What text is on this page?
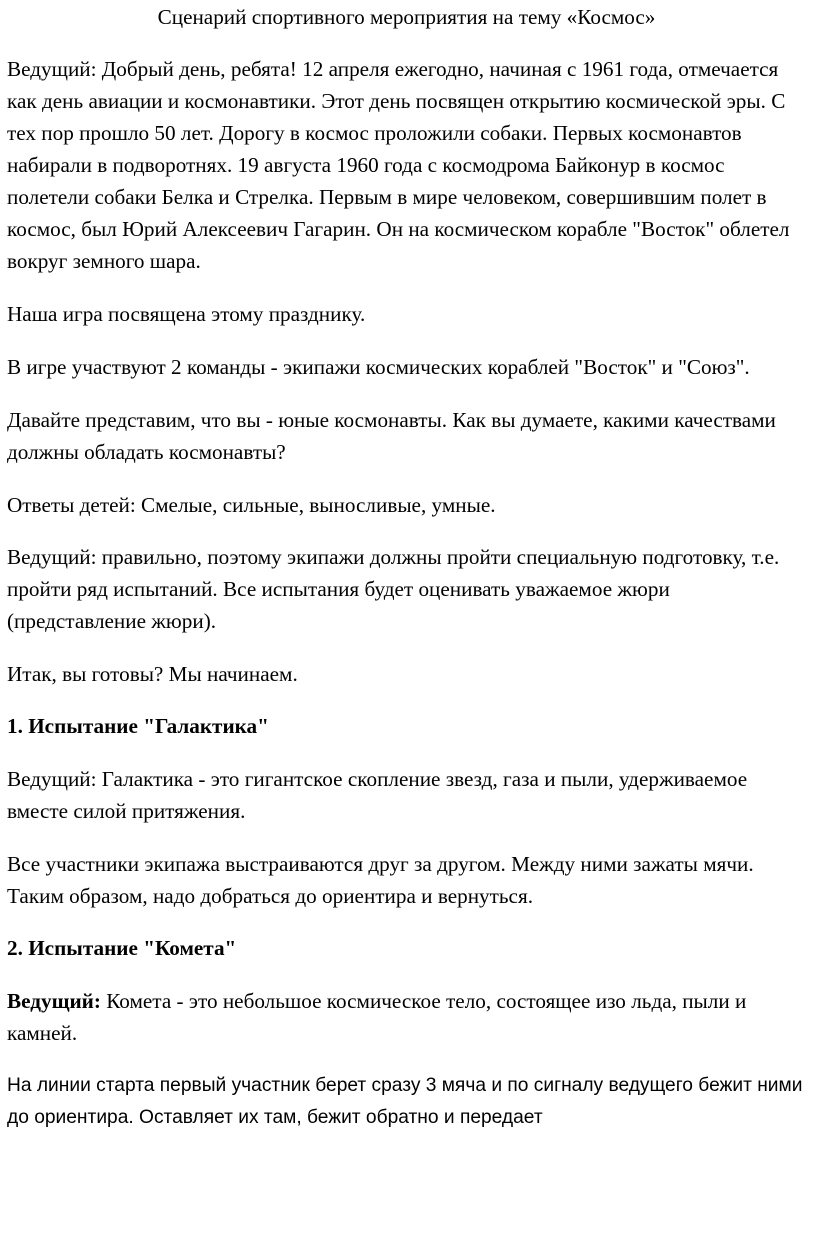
Сценарий спортивного мероприятия на тему «Космос»

Ведущий: Добрый день, ребята! 12 апреля ежегодно, начиная с 1961 года, отмечается как день авиации и космонавтики. Этот день посвящен открытию космической эры. С тех пор прошло 50 лет. Дорогу в космос проложили собаки. Первых космонавтов набирали в подворотнях. 19 августа 1960 года с космодрома Байконур в космос полетели собаки Белка и Стрелка. Первым в мире человеком, совершившим полет в космос, был Юрий Алексеевич Гагарин. Он на космическом корабле "Восток" облетел вокруг земного шара.

Наша игра посвящена этому празднику.

В игре участвуют 2 команды - экипажи космических кораблей "Восток" и "Союз".

Давайте представим, что вы - юные космонавты. Как вы думаете, какими качествами должны обладать космонавты?

Ответы детей: Смелые, сильные, выносливые, умные.

Ведущий: правильно, поэтому экипажи должны пройти специальную подготовку, т.е. пройти ряд испытаний. Все испытания будет оценивать уважаемое жюри (представление жюри).

Итак, вы готовы? Мы начинаем.

1. Испытание "Галактика"

Ведущий: Галактика - это гигантское скопление звезд, газа и пыли, удерживаемое вместе силой притяжения.

Все участники экипажа выстраиваются друг за другом. Между ними зажаты мячи. Таким образом, надо добраться до ориентира и вернуться.

2. Испытание "Комета"

Ведущий: Комета - это небольшое космическое тело, состоящее изо льда, пыли и камней.

На линии старта первый участник берет сразу 3 мяча и по сигналу ведущего бежит ними до ориентира. Оставляет их там, бежит обратно и передает
